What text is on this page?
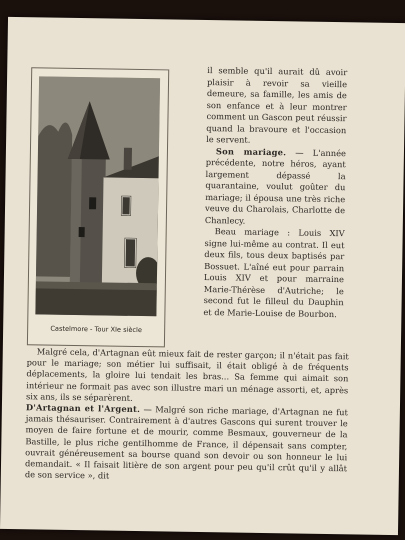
Castelmore - Tour XIe siècle

il semble qu'il aurait dû avoir plaisir à revoir sa vieille demeure, sa famille, les amis de son enfance et à leur montrer comment un Gascon peut réussir quand la bravoure et l'occasion le servent.

Son mariage. — L'année précédente, notre héros, ayant largement dépassé la quarantaine, voulut goûter du mariage; il épousa une très riche veuve du Charolais, Charlotte de Chanlecy.

Beau mariage : Louis XIV signe lui-même au contrat. Il eut deux fils, tous deux baptisés par Bossuet. L'aîné eut pour parrain Louis XIV et pour marraine Marie-Thérèse d'Autriche; le second fut le filleul du Dauphin et de Marie-Louise de Bourbon.

Malgré cela, d'Artagnan eût mieux fait de rester garçon; il n'était pas fait pour le mariage; son métier lui suffisait, il était obligé à de fréquents déplacements, la gloire lui tendait les bras... Sa femme qui aimait son intérieur ne formait pas avec son illustre mari un ménage assorti, et, après six ans, ils se séparèrent.

D'Artagnan et l'Argent. — Malgré son riche mariage, d'Artagnan ne fut jamais thésauriser. Contrairement à d'autres Gascons qui surent trouver le moyen de faire fortune et de mourir, comme Besmaux, gouverneur de la Bastille, le plus riche gentilhomme de France, il dépensait sans compter, ouvrait généreusement sa bourse quand son devoir ou son honneur le lui demandait. « Il faisait litière de son argent pour peu qu'il crût qu'il y allât de son service », dit
